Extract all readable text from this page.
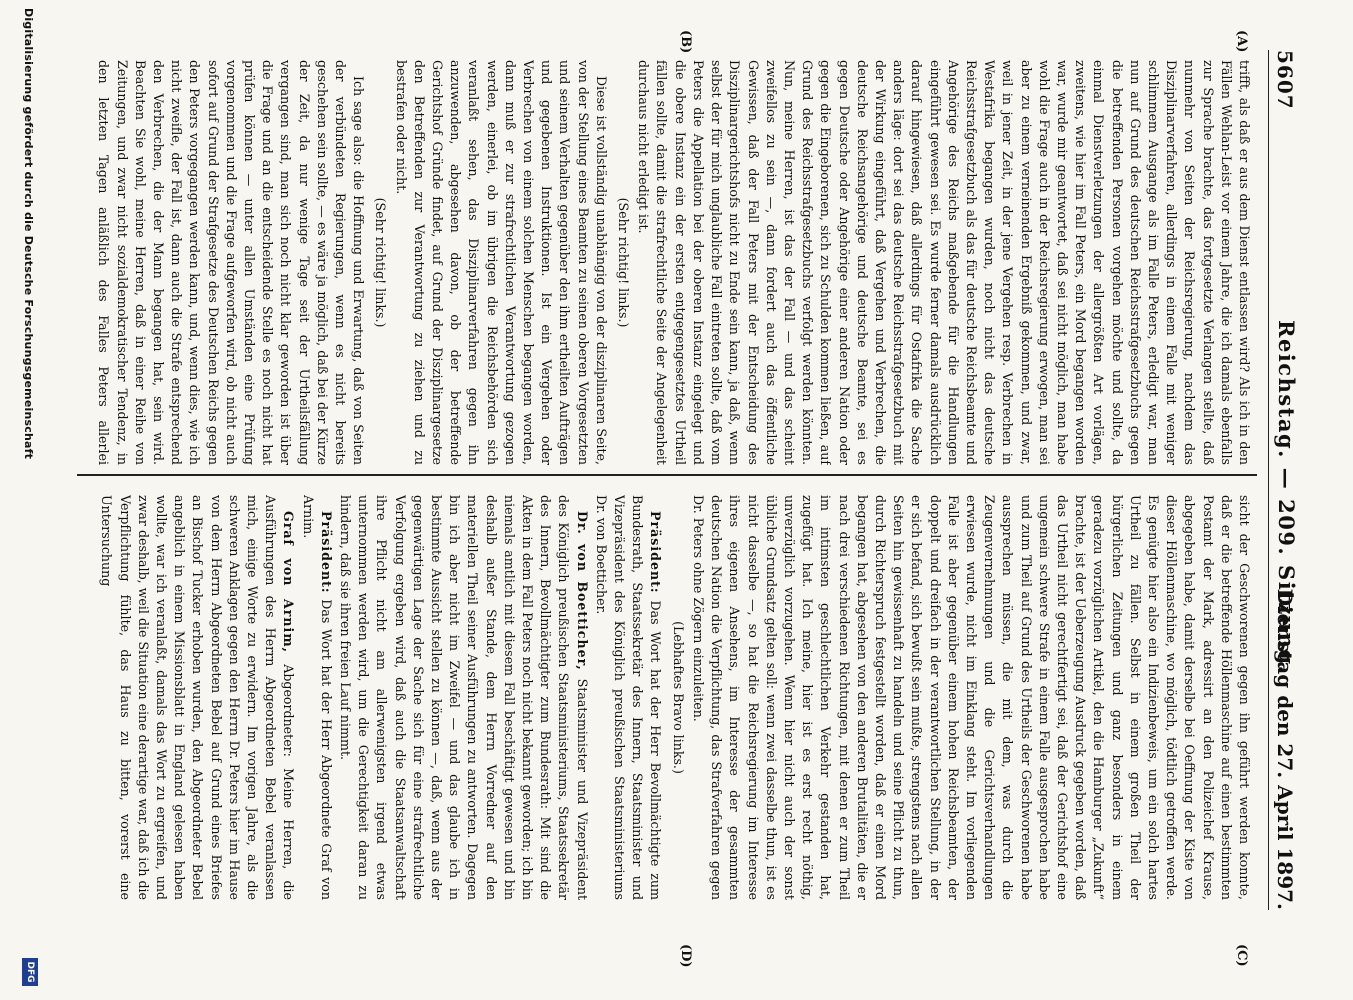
5607
Reichstag. — 209. Sitzung.
Dienstag den 27. April 1897.
(A)
(B)
(C)
(D)

trifft, als daß er aus dem Dienst entlassen wird? Als ich in den Fällen Wehlan-Leist vor einem Jahre, die ich damals ebenfalls zur Sprache brachte, das fortgesetzte Verlangen stellte, daß nunmehr von Seiten der Reichsregierung, nachdem das Disziplinarverfahren, allerdings in einem Falle mit weniger schlimmem Ausgange als im Falle Peters, erledigt war, man nun auf Grund des deutschen Reichsstrafgesetzbuchs gegen die betreffenden Personen vorgehen möchte und sollte, da einmal Dienstverletzungen der allergrößten Art vorlägen, zweitens, wie hier im Fall Peters, ein Mord begangen worden war, wurde mir geantwortet, daß sei nicht möglich, man habe wohl die Frage auch in der Reichsregierung erwogen, man sei aber zu einem verneinenden Ergebniß gekommen, und zwar, weil in jener Zeit, in der jene Vergehen resp. Verbrechen in Westafrika begangen wurden, noch nicht das deutsche Reichsstrafgesetzbuch als das für deutsche Reichsbeamte und Angehörige des Reichs maßgebende für die Handlungen eingeführt gewesen sei. Es wurde ferner damals ausdrücklich darauf hingewiesen, daß allerdings für Ostafrika die Sache anders läge: dort sei das deutsche Reichsstrafgesetzbuch mit der Wirkung eingeführt, daß Vergehen und Verbrechen, die deutsche Reichsangehörige und deutsche Beamte, sei es gegen Deutsche oder Angehörige einer anderen Nation oder gegen die Eingeborenen, sich zu Schulden kommen ließen, auf Grund des Reichsstrafgesetzbuchs verfolgt werden könnten. Nun, meine Herren, ist das der Fall — und das scheint zweifellos zu sein —, dann fordert auch das öffentliche Gewissen, daß der Fall Peters mit der Entscheidung des Disziplinargerichtshofs nicht zu Ende sein kann, ja daß, wenn selbst der für mich unglaubliche Fall eintreten sollte, daß vom Peters die Appellation bei der oberen Instanz eingelegt und die obere Instanz ein der ersten entgegengesetztes Urtheil fällen sollte, damit die strafrechtliche Seite der Angelegenheit durchaus nicht erledigt ist.

(Sehr richtig! links.)

Diese ist vollständig unabhängig von der disziplinaren Seite, von der Stellung eines Beamten zu seinen oberen Vorgesetzten und seinem Verhalten gegenüber den ihm ertheilten Aufträgen und gegebenen Instruktionen. Ist ein Vergehen oder Verbrechen von einem solchen Menschen begangen worden, dann muß er zur strafrechtlichen Verantwortung gezogen werden, einerlei, ob im übrigen die Reichsbehörden sich veranlaßt sehen, das Disziplinarverfahren gegen ihn anzuwenden, abgesehen davon, ob der betreffende Gerichtshof Gründe findet, auf Grund der Disziplinargesetze den Betreffenden zur Verantwortung zu ziehen und zu bestrafen oder nicht.

(Sehr richtig! links.)

Ich sage also: die Hoffnung und Erwartung, daß von Seiten der verbündeten Regierungen, wenn es nicht bereits geschehen sein sollte, — es wäre ja möglich, daß bei der Kürze der Zeit, da nur wenige Tage seit der Urtheilsfällung vergangen sind, man sich noch nicht klar geworden ist über die Frage und an die entscheidende Stelle es noch nicht hat prüfen können — unter allen Umständen eine Prüfung vorgenommen und die Frage aufgeworfen wird, ob nicht auch sofort auf Grund der Strafgesetze des Deutschen Reichs gegen den Peters vorgegangen werden kann, und, wenn dies, wie ich nicht zweifle, der Fall ist, dann auch die Strafe entsprechend den Verbrechen, die der Mann begangen hat, sein wird. Beachten Sie wohl, meine Herren, daß in einer Reihe von Zeitungen, und zwar nicht sozialdemokratischer Tendenz, in den letzten Tagen anläßlich des Falles Peters allerlei

sicht der Geschworenen gegen ihn geführt werden konnte, daß er die betreffende Höllenmaschine auf einen bestimmten Postamt der Mark, adressirt an den Polizeichef Krause, abgegeben habe, damit derselbe bei Oeffnung der Kiste von dieser Höllenmaschine, wo möglich, tödtlich getroffen werde. Es genügte hier also ein Indizienbeweis, um ein solch hartes Urtheil zu fällen. Selbst in einem großen Theil der bürgerlichen Zeitungen und ganz besonders in einem geradezu vorzüglichen Artikel, den die Hamburger „Zukunft“ brachte, ist der Ueberzeugung Ausdruck gegeben worden, daß das Urtheil nicht gerechtfertigt sei, daß der Gerichtshof eine ungemein schwere Strafe in einem Falle ausgesprochen habe und zum Theil auf Grund des Urtheils der Geschworenen habe aussprechen müssen, die mit dem, was durch die Zeugenvernehmungen und die Gerichtsverhandlungen erwiesen wurde, nicht im Einklang steht. Im vorliegenden Falle ist aber gegenüber einem hohen Reichsbeamten, der doppelt und dreifach in der verantwortlichen Stellung, in der er sich befand, sich bewußt sein mußte, strengstens nach allen Seiten hin gewissenhaft zu handeln und seine Pflicht zu thun, durch Richterspruch festgestellt worden, daß er einen Mord begangen hat, abgesehen von den anderen Brutalitäten, die er nach drei verschiedenen Richtungen, mit denen er zum Theil im intimsten geschlechtlichen Verkehr gestanden hat, zugefügt hat. Ich meine, hier ist es erst recht nöthig, unverzüglich vorzugehen. Wenn hier nicht auch der sonst übliche Grundsatz gelten soll: wenn zwei dasselbe thun, ist es nicht dasselbe —, so hat die Reichsregierung im Interesse ihres eigenen Ansehens, im Interesse der gesammten deutschen Nation die Verpflichtung, das Strafverfahren gegen Dr. Peters ohne Zögern einzuleiten.

(Lebhaftes Bravo links.)

Präsident: Das Wort hat der Herr Bevollmächtigte zum Bundesrath, Staatssekretär des Innern, Staatsminister und Vizepräsident des Königlich preußischen Staatsministeriums Dr. von Boetticher.

Dr. von Boetticher, Staatsminister und Vizepräsident des Königlich preußischen Staatsministeriums, Staatssekretär des Innern, Bevollmächtigter zum Bundesrath: Mit sind die Akten in dem Fall Peters noch nicht bekannt geworden; ich bin niemals amtlich mit diesem Fall beschäftigt gewesen und bin deshalb außer Stande, dem Herrn Vorredner auf den materiellen Theil seiner Ausführungen zu antworten. Dagegen bin ich aber nicht im Zweifel — und das glaube ich in bestimmte Aussicht stellen zu können —, daß, wenn aus der gegenwärtigen Lage der Sache sich für eine strafrechtliche Verfolgung ergeben wird, daß auch die Staatsanwaltschaft ihre Pflicht nicht am allerwenigsten irgend etwas unternommen werden wird, um die Gerechtigkeit daran zu hindern, daß sie ihren freien Lauf nimmt.

Präsident: Das Wort hat der Herr Abgeordnete Graf von Arnim.

Graf von Arnim, Abgeordneter: Meine Herren, die Ausführungen des Herrn Abgeordneten Bebel veranlassen mich, einige Worte zu erwidern. Im vorigen Jahre, als die schweren Anklagen gegen den Herrn Dr. Peters hier im Hause von dem Herrn Abgeordneten Bebel auf Grund eines Briefes an Bischof Tucker erhoben wurden, den Abgeordneter Bebel angeblich in einem Missionsblatt in England gelesen haben wollte, war ich veranlaßt, damals das Wort zu ergreifen, und zwar deshalb, weil die Situation eine derartige war, daß ich die Verpflichtung fühlte, das Haus zu bitten, vorerst eine Untersuchung

Digitalisierung gefördert durch die Deutsche Forschungsgemeinschaft
DFG
